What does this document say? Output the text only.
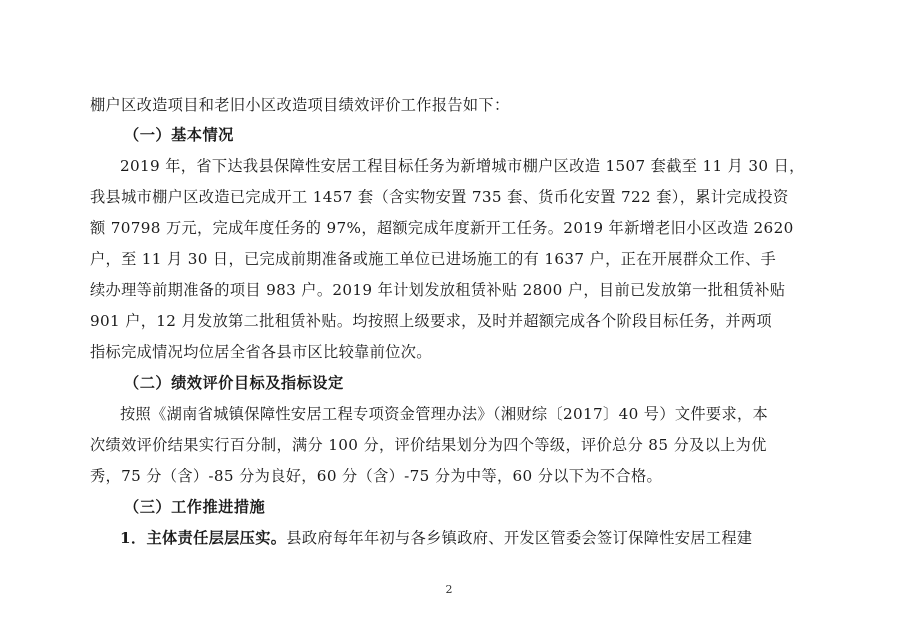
棚户区改造项目和老旧小区改造项目绩效评价工作报告如下：
（一）基本情况
2019 年，省下达我县保障性安居工程目标任务为新增城市棚户区改造 1507 套截至 11 月 30 日，
我县城市棚户区改造已完成开工 1457 套（含实物安置 735 套、货币化安置 722 套），累计完成投资
额 70798 万元，完成年度任务的 97%，超额完成年度新开工任务。2019 年新增老旧小区改造 2620
户，至 11 月 30 日，已完成前期准备或施工单位已进场施工的有 1637 户，正在开展群众工作、手
续办理等前期准备的项目 983 户。2019 年计划发放租赁补贴 2800 户，目前已发放第一批租赁补贴
901 户，12 月发放第二批租赁补贴。均按照上级要求，及时并超额完成各个阶段目标任务，并两项
指标完成情况均位居全省各县市区比较靠前位次。
（二）绩效评价目标及指标设定
按照《湖南省城镇保障性安居工程专项资金管理办法》（湘财综〔2017〕40 号）文件要求，本
次绩效评价结果实行百分制，满分 100 分，评价结果划分为四个等级，评价总分 85 分及以上为优
秀，75 分（含）-85 分为良好，60 分（含）-75 分为中等，60 分以下为不合格。
（三）工作推进措施
1．主体责任层层压实。县政府每年年初与各乡镇政府、开发区管委会签订保障性安居工程建
2
